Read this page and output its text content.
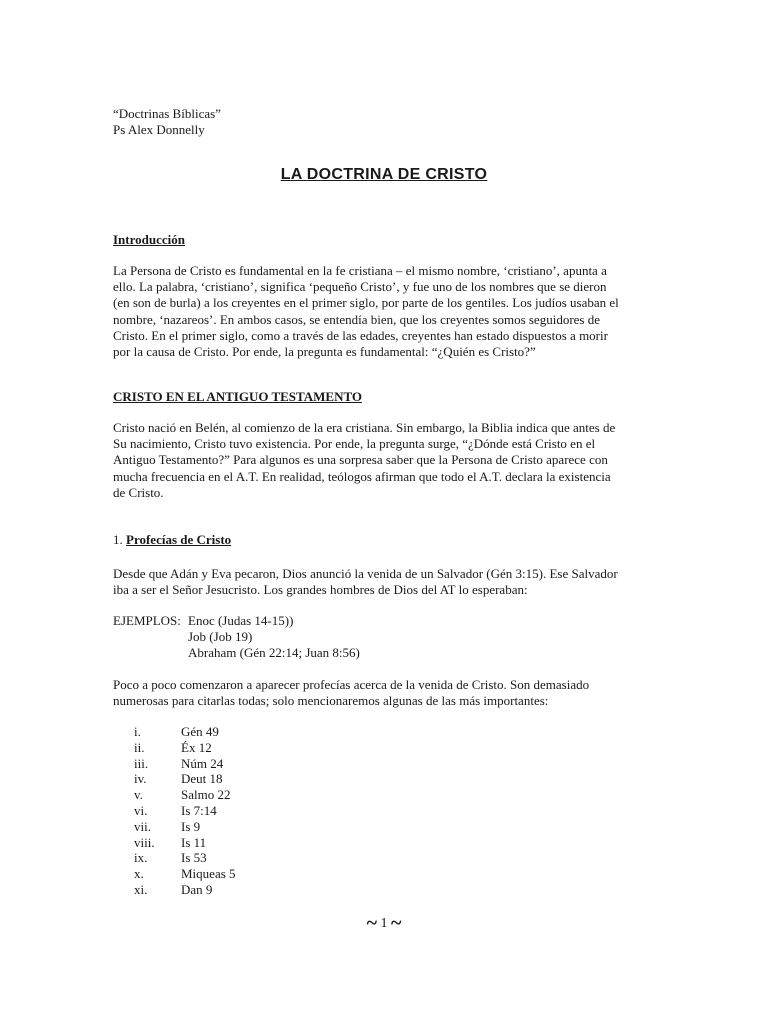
“Doctrinas Bíblicas”
Ps Alex Donnelly
LA DOCTRINA DE CRISTO
Introducción
La Persona de Cristo es fundamental en la fe cristiana – el mismo nombre, ‘cristiano’, apunta a
ello. La palabra, ‘cristiano’, significa ‘pequeño Cristo’, y fue uno de los nombres que se dieron
(en son de burla) a los creyentes en el primer siglo, por parte de los gentiles. Los judíos usaban el
nombre, ‘nazareos’. En ambos casos, se entendía bien, que los creyentes somos seguidores de
Cristo. En el primer siglo, como a través de las edades, creyentes han estado dispuestos a morir
por la causa de Cristo. Por ende, la pregunta es fundamental: “¿Quién es Cristo?”
CRISTO EN EL ANTIGUO TESTAMENTO
Cristo nació en Belén, al comienzo de la era cristiana. Sin embargo, la Biblia indica que antes de
Su nacimiento, Cristo tuvo existencia. Por ende, la pregunta surge, “¿Dónde está Cristo en el
Antiguo Testamento?” Para algunos es una sorpresa saber que la Persona de Cristo aparece con
mucha frecuencia en el A.T. En realidad, teólogos afirman que todo el A.T. declara la existencia
de Cristo.
1. Profecías de Cristo
Desde que Adán y Eva pecaron, Dios anunció la venida de un Salvador (Gén 3:15). Ese Salvador
iba a ser el Señor Jesucristo. Los grandes hombres de Dios del AT lo esperaban:
EJEMPLOS: Enoc (Judas 14-15))
Job (Job 19)
Abraham (Gén 22:14; Juan 8:56)
Poco a poco comenzaron a aparecer profecías acerca de la venida de Cristo. Son demasiado
numerosas para citarlas todas; solo mencionaremos algunas de las más importantes:
i.	Gén 49
ii.	Éx 12
iii.	Núm 24
iv.	Deut 18
v.	Salmo 22
vi.	Is 7:14
vii. Is 9
viii. Is 11
ix.	Is 53
x.	Miqueas 5
xi.	Dan 9
~ 1 ~
